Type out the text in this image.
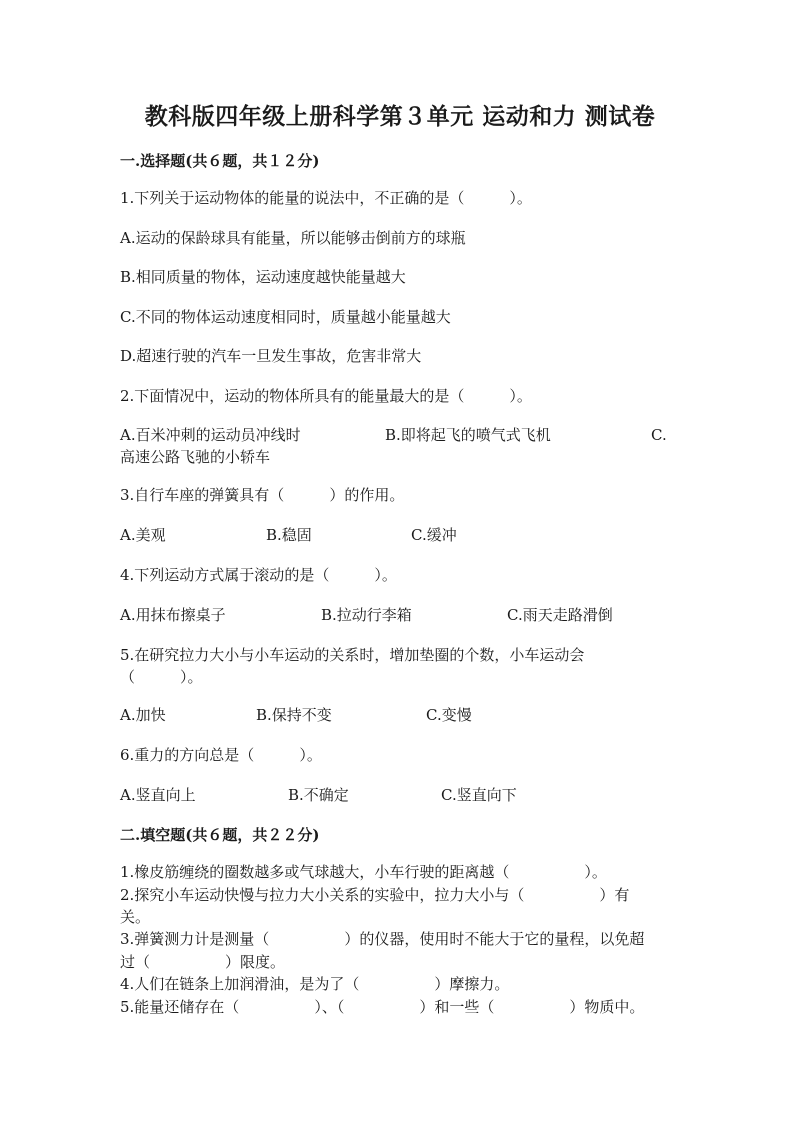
教科版四年级上册科学第３单元 运动和力 测试卷
一.选择题(共６题，共１２分)
1.下列关于运动物体的能量的说法中，不正确的是（　　　）。
A.运动的保龄球具有能量，所以能够击倒前方的球瓶
B.相同质量的物体，运动速度越快能量越大
C.不同的物体运动速度相同时，质量越小能量越大
D.超速行驶的汽车一旦发生事故，危害非常大
2.下面情况中，运动的物体所具有的能量最大的是（　　　）。
A.百米冲刺的运动员冲线时	B.即将起飞的喷气式飞机	C.
高速公路飞驰的小轿车
3.自行车座的弹簧具有（　　　）的作用。
A.美观	B.稳固	C.缓冲
4.下列运动方式属于滚动的是（　　　）。
A.用抹布擦桌子	B.拉动行李箱	C.雨天走路滑倒
5.在研究拉力大小与小车运动的关系时，增加垫圈的个数，小车运动会
（　　　）。
A.加快	B.保持不变	C.变慢
6.重力的方向总是（　　　）。
A.竖直向上	B.不确定	C.竖直向下
二.填空题(共６题，共２２分)
1.橡皮筋缠绕的圈数越多或气球越大，小车行驶的距离越（　　　　　）。
2.探究小车运动快慢与拉力大小关系的实验中，拉力大小与（　　　　　）有
关。
3.弹簧测力计是测量（　　　　　）的仪器，使用时不能大于它的量程，以免超
过（　　　　　）限度。
4.人们在链条上加润滑油，是为了（　　　　　）摩擦力。
5.能量还储存在（　　　　　）、（　　　　　）和一些（　　　　　）物质中。
